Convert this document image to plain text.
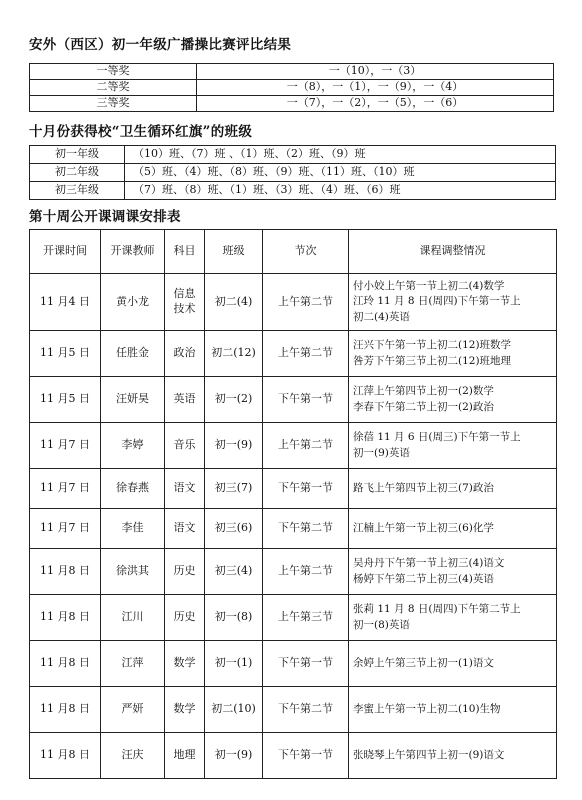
安外（西区）初一年级广播操比赛评比结果
一等奖	一（10），一（3）
二等奖	一（8），一（1），一（9），一（4）
三等奖	一（7），一（2），一（5），一（6）
十月份获得校“卫生循环红旗”的班级
初一年级	（10）班、（7）班 、（1）班、（2）班、（9）班
初二年级	（5）班、（4）班、（8）班、（9）班、（11）班、（10）班
初三年级	（7）班、（8）班、（1）班、（3）班、（4）班、（6）班
第十周公开课调课安排表
开课时间	开课教师	科目	班级	节次	课程调整情况
11 月4 日	黄小龙	信息
技术	初二(4)	上午第二节	付小姣上午第一节上初二(4)数学
江玲 11 月 8 日(周四)下午第一节上
初二(4)英语

11 月5 日	任胜金	政治	初二(12)	上午第二节	汪兴下午第一节上初二(12)班数学
咎芳下午第三节上初二(12)班地理

11 月5 日	汪妍昊	英语	初一(2)	下午第一节	江萍上午第四节上初一(2)数学
李春下午第二节上初一(2)政治

11 月7 日	李婷	音乐	初一(9)	上午第二节	徐蓓 11 月 6 日(周三)下午第一节上
初一(9)英语

11 月7 日	徐春燕	语文	初三(7)	下午第一节	路飞上午第四节上初三(7)政治

11 月7 日	李佳	语文	初三(6)	下午第二节	江楠上午第一节上初三(6)化学

11 月8 日	徐洪其	历史	初三(4)	上午第二节	吴舟丹下午第一节上初三(4)语文
杨婷下午第二节上初三(4)英语

11 月8 日	江川	历史	初一(8)	上午第三节	张莉 11 月 8 日(周四)下午第二节上
初一(8)英语

11 月8 日	江萍	数学	初一(1)	下午第一节	余婷上午第三节上初一(1)语文

11 月8 日	严妍	数学	初二(10)	下午第二节	李蜜上午第一节上初二(10)生物

11 月8 日	汪庆	地理	初一(9)	下午第一节	张晓琴上午第四节上初一(9)语文
